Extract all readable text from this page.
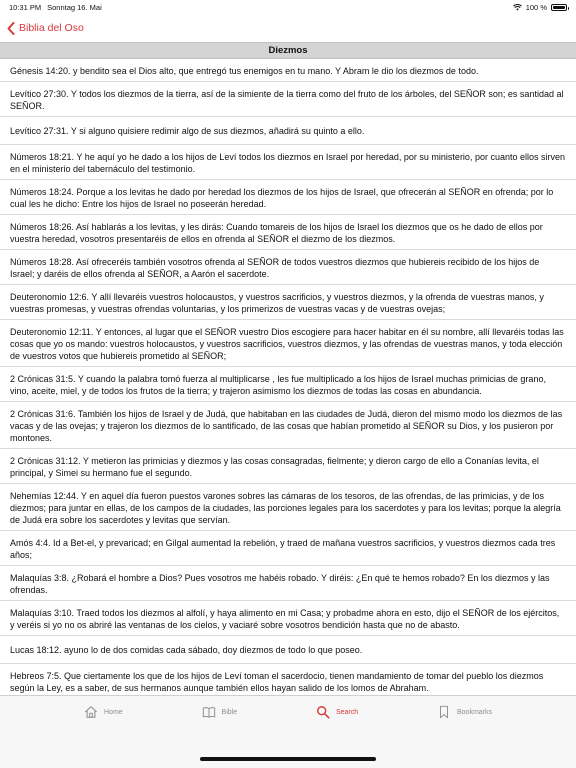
10:31 PM Sonntag 16. Mai	100 %
Biblia del Oso
Diezmos
Génesis 14:20. y bendito sea el Dios alto, que entregó tus enemigos en tu mano. Y Abram le dio los diezmos de todo.
Levítico 27:30. Y todos los diezmos de la tierra, así de la simiente de la tierra como del fruto de los árboles, del SEÑOR son; es santidad al SEÑOR.
Levítico 27:31. Y si alguno quisiere redimir algo de sus diezmos, añadirá su quinto a ello.
Números 18:21. Y he aquí yo he dado a los hijos de Leví todos los diezmos en Israel por heredad, por su ministerio, por cuanto ellos sirven en el ministerio del tabernáculo del testimonio.
Números 18:24. Porque a los levitas he dado por heredad los diezmos de los hijos de Israel, que ofrecerán al SEÑOR en ofrenda; por lo cual les he dicho: Entre los hijos de Israel no poseerán heredad.
Números 18:26. Así hablarás a los levitas, y les dirás: Cuando tomareis de los hijos de Israel los diezmos que os he dado de ellos por vuestra heredad, vosotros presentaréis de ellos en ofrenda al SEÑOR el diezmo de los diezmos.
Números 18:28. Así ofreceréis también vosotros ofrenda al SEÑOR de todos vuestros diezmos que hubiereis recibido de los hijos de Israel; y daréis de ellos ofrenda al SEÑOR, a Aarón el sacerdote.
Deuteronomio 12:6. Y allí llevaréis vuestros holocaustos, y vuestros sacrificios, y vuestros diezmos, y la ofrenda de vuestras manos, y vuestras promesas, y vuestras ofrendas voluntarias, y los primerizos de vuestras vacas y de vuestras ovejas;
Deuteronomio 12:11. Y entonces, al lugar que el SEÑOR vuestro Dios escogiere para hacer habitar en él su nombre, allí llevaréis todas las cosas que yo os mando: vuestros holocaustos, y vuestros sacrificios, vuestros diezmos, y las ofrendas de vuestras manos, y toda elección de vuestros votos que hubiereis prometido al SEÑOR;
2 Crónicas 31:5. Y cuando la palabra tomó fuerza al multiplicarse , les fue multiplicado a los hijos de Israel muchas primicias de grano, vino, aceite, miel, y de todos los frutos de la tierra; y trajeron asimismo los diezmos de todas las cosas en abundancia.
2 Crónicas 31:6. También los hijos de Israel y de Judá, que habitaban en las ciudades de Judá, dieron del mismo modo los diezmos de las vacas y de las ovejas; y trajeron los diezmos de lo santificado, de las cosas que habían prometido al SEÑOR su Dios, y los pusieron por montones.
2 Crónicas 31:12. Y metieron las primicias y diezmos y las cosas consagradas, fielmente; y dieron cargo de ello a Conanías levita, el principal, y Simei su hermano fue el segundo.
Nehemías 12:44. Y en aquel día fueron puestos varones sobres las cámaras de los tesoros, de las ofrendas, de las primicias, y de los diezmos; para juntar en ellas, de los campos de la ciudades, las porciones legales para los sacerdotes y para los levitas; porque la alegría de Judá era sobre los sacerdotes y levitas que servían.
Amós 4:4. Id a Bet-el, y prevaricad; en Gilgal aumentad la rebelión, y traed de mañana vuestros sacrificios, y vuestros diezmos cada tres años;
Malaquías 3:8. ¿Robará el hombre a Dios? Pues vosotros me habéis robado. Y diréis: ¿En qué te hemos robado? En los diezmos y las ofrendas.
Malaquías 3:10. Traed todos los diezmos al alfolí, y haya alimento en mi Casa; y probadme ahora en esto, dijo el SEÑOR de los ejércitos, y veréis si yo no os abriré las ventanas de los cielos, y vaciaré sobre vosotros bendición hasta que no de abasto.
Lucas 18:12. ayuno lo de dos comidas cada sábado, doy diezmos de todo lo que poseo.
Hebreos 7:5. Que ciertamente los que de los hijos de Leví toman el sacerdocio, tienen mandamiento de tomar del pueblo los diezmos según la Ley, es a saber, de sus hermanos aunque también ellos hayan salido de los lomos de Abraham.
Home	Bible	Search	Bookmarks
